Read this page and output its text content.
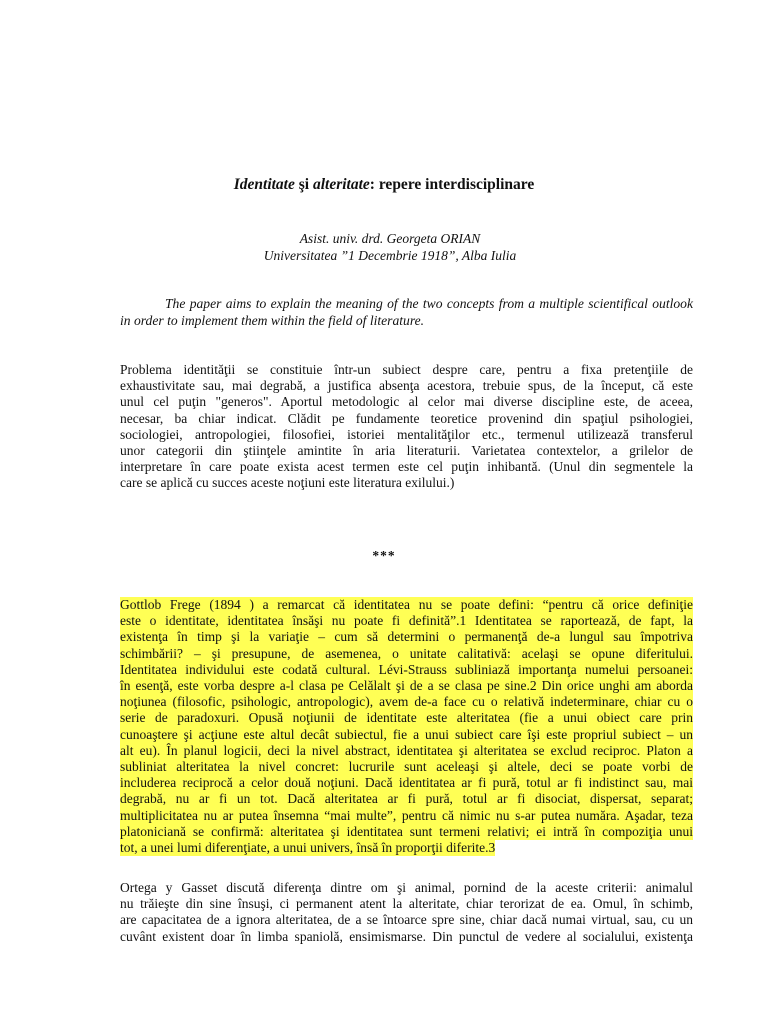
Identitate şi alteritate: repere interdisciplinare
Asist. univ. drd. Georgeta ORIAN
Universitatea ”1 Decembrie 1918”, Alba Iulia

The paper aims to explain the meaning of the two concepts from a multiple scientifical outlook in order to implement them within the field of literature.

Problema identităţii se constituie într-un subiect despre care, pentru a fixa pretenţiile de
exhaustivitate sau, mai degrabă, a justifica absenţa acestora, trebuie spus, de la început, că este
unul cel puţin "generos". Aportul metodologic al celor mai diverse discipline este, de aceea,
necesar, ba chiar indicat. Clădit pe fundamente teoretice provenind din spaţiul psihologiei,
sociologiei, antropologiei, filosofiei, istoriei mentalităţilor etc., termenul utilizează transferul
unor categorii din ştiinţele amintite în aria literaturii. Varietatea contextelor, a grilelor de
interpretare în care poate exista acest termen este cel puţin inhibantă. (Unul din segmentele la
care se aplică cu succes aceste noţiuni este literatura exilului.)
***
Gottlob Frege (1894 ) a remarcat că identitatea nu se poate defini: “pentru că orice definiţie
este o identitate, identitatea însăşi nu poate fi definită”.1 Identitatea se raportează, de fapt, la
existenţa în timp şi la variaţie – cum să determini o permanenţă de-a lungul sau împotriva
schimbării? – şi presupune, de asemenea, o unitate calitativă: acelaşi se opune diferitului.
Identitatea individului este codată cultural. Lévi-Strauss subliniază importanţa numelui persoanei:
în esenţă, este vorba despre a-l clasa pe Celălalt şi de a se clasa pe sine.2 Din orice unghi am aborda
noţiunea (filosofic, psihologic, antropologic), avem de-a face cu o relativă indeterminare, chiar cu o
serie de paradoxuri. Opusă noţiunii de identitate este alteritatea (fie a unui obiect care prin
cunoaştere şi acţiune este altul decât subiectul, fie a unui subiect care îşi este propriul subiect – un
alt eu). În planul logicii, deci la nivel abstract, identitatea şi alteritatea se exclud reciproc. Platon a
subliniat alteritatea la nivel concret: lucrurile sunt aceleaşi şi altele, deci se poate vorbi de
includerea reciprocă a celor două noţiuni. Dacă identitatea ar fi pură, totul ar fi indistinct sau, mai
degrabă, nu ar fi un tot. Dacă alteritatea ar fi pură, totul ar fi disociat, dispersat, separat;
multiplicitatea nu ar putea însemna “mai multe”, pentru că nimic nu s-ar putea număra. Aşadar, teza
platoniciană se confirmă: alteritatea şi identitatea sunt termeni relativi; ei intră în compoziţia unui
tot, a unei lumi diferenţiate, a unui univers, însă în proporţii diferite.3
Ortega y Gasset discută diferenţa dintre om şi animal, pornind de la aceste criterii: animalul
nu trăieşte din sine însuşi, ci permanent atent la alteritate, chiar terorizat de ea. Omul, în schimb,
are capacitatea de a ignora alteritatea, de a se întoarce spre sine, chiar dacă numai virtual, sau, cu un
cuvânt existent doar în limba spaniolă, ensimismarse. Din punctul de vedere al socialului, existenţa
